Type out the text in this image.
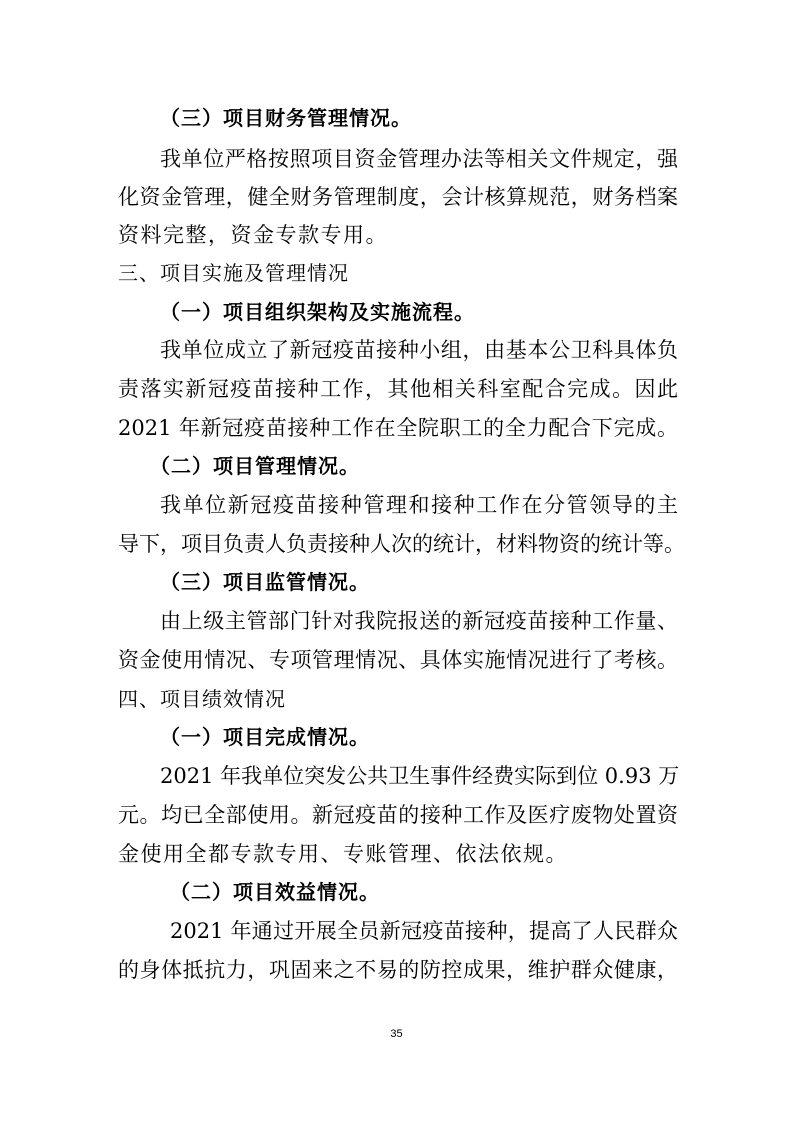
（三）项目财务管理情况。
我单位严格按照项目资金管理办法等相关文件规定，强
化资金管理，健全财务管理制度，会计核算规范，财务档案
资料完整，资金专款专用。
三、项目实施及管理情况
（一）项目组织架构及实施流程。
我单位成立了新冠疫苗接种小组，由基本公卫科具体负
责落实新冠疫苗接种工作，其他相关科室配合完成。因此
2021 年新冠疫苗接种工作在全院职工的全力配合下完成。
（二）项目管理情况。
我单位新冠疫苗接种管理和接种工作在分管领导的主
导下，项目负责人负责接种人次的统计，材料物资的统计等。
（三）项目监管情况。
由上级主管部门针对我院报送的新冠疫苗接种工作量、
资金使用情况、专项管理情况、具体实施情况进行了考核。
四、项目绩效情况
（一）项目完成情况。
2021 年我单位突发公共卫生事件经费实际到位 0.93 万
元。均已全部使用。新冠疫苗的接种工作及医疗废物处置资
金使用全都专款专用、专账管理、依法依规。
（二）项目效益情况。
2021 年通过开展全员新冠疫苗接种，提高了人民群众
的身体抵抗力，巩固来之不易的防控成果，维护群众健康，
35
